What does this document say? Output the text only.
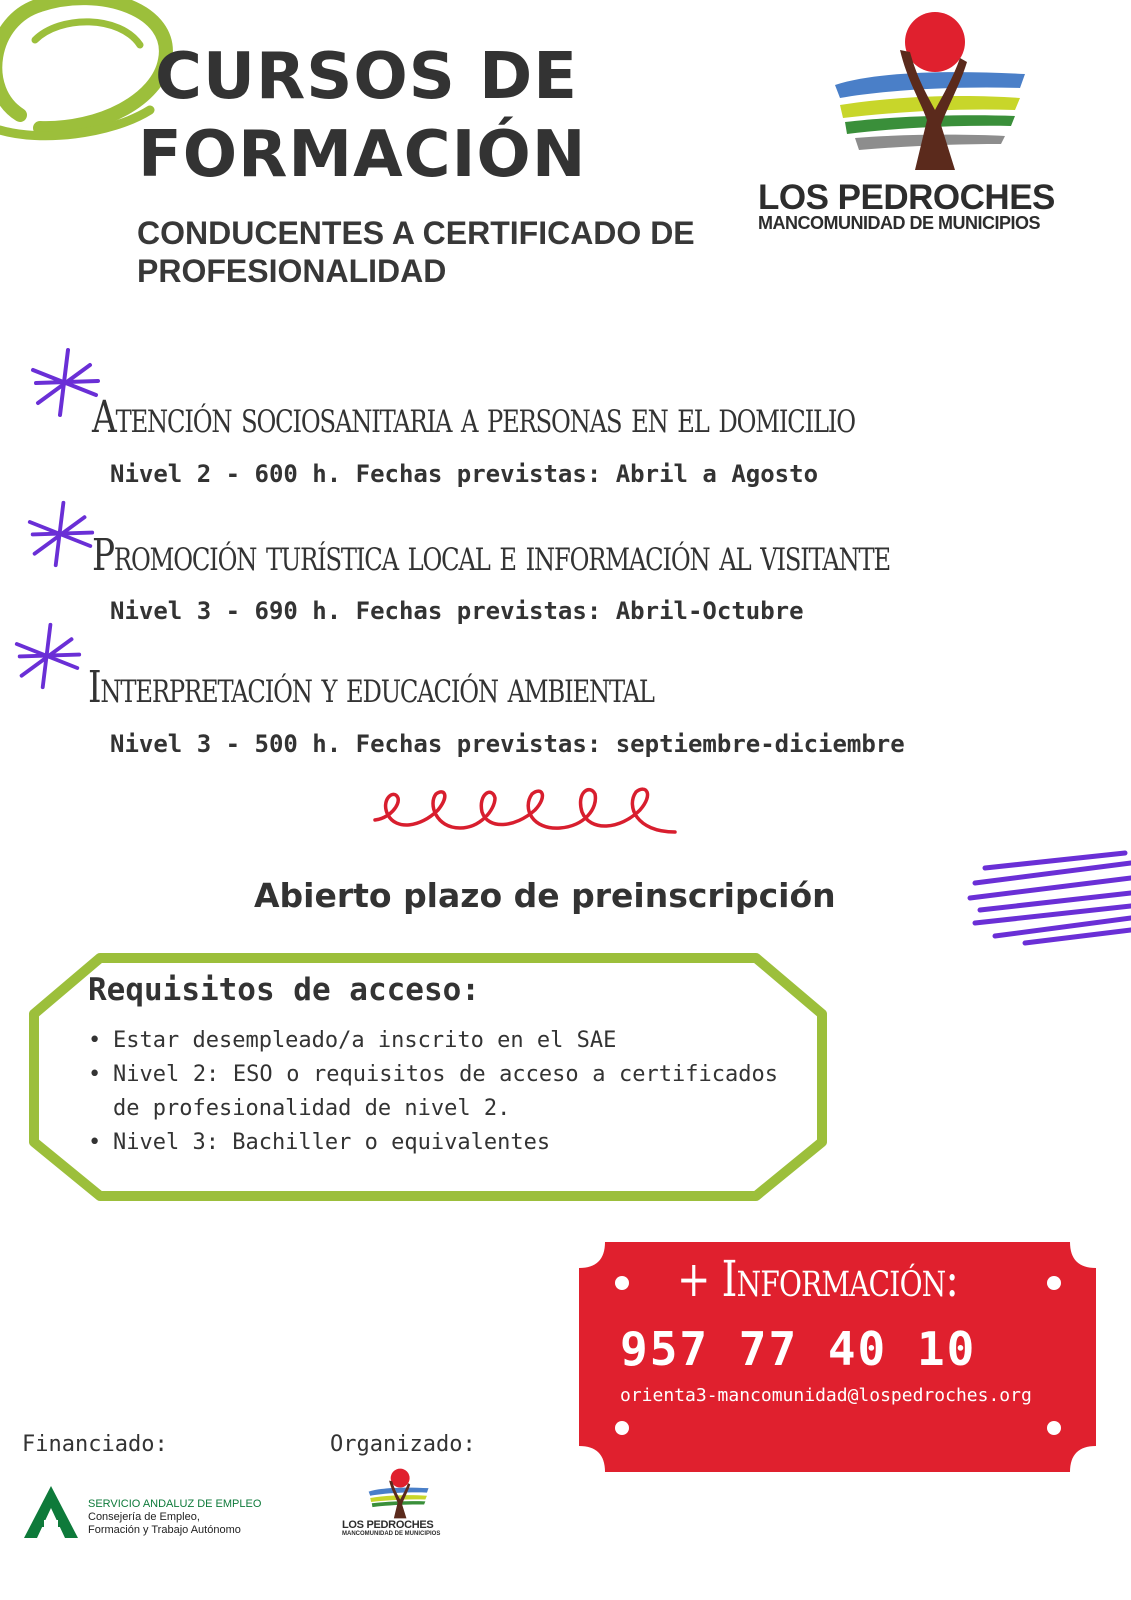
CURSOS DE
FORMACIÓN
CONDUCENTES A CERTIFICADO DE PROFESIONALIDAD
LOS PEDROCHES
MANCOMUNIDAD DE MUNICIPIOS
Atención sociosanitaria a personas en el domicilio
Nivel 2 - 600 h. Fechas previstas: Abril a Agosto
Promoción turística local e información al visitante
Nivel 3 - 690 h. Fechas previstas: Abril-Octubre
Interpretación y educación ambiental
Nivel 3 - 500 h. Fechas previstas: septiembre-diciembre
Abierto plazo de preinscripción
Requisitos de acceso:
• Estar desempleado/a inscrito en el SAE
• Nivel 2: ESO o requisitos de acceso a certificados de profesionalidad de nivel 2.
• Nivel 3: Bachiller o equivalentes
+ Información:
957 77 40 10
orienta3-mancomunidad@lospedroches.org
Financiado:	Organizado:
SERVICIO ANDALUZ DE EMPLEO
Consejería de Empleo,
Formación y Trabajo Autónomo	LOS PEDROCHES
MANCOMUNIDAD DE MUNICIPIOS
